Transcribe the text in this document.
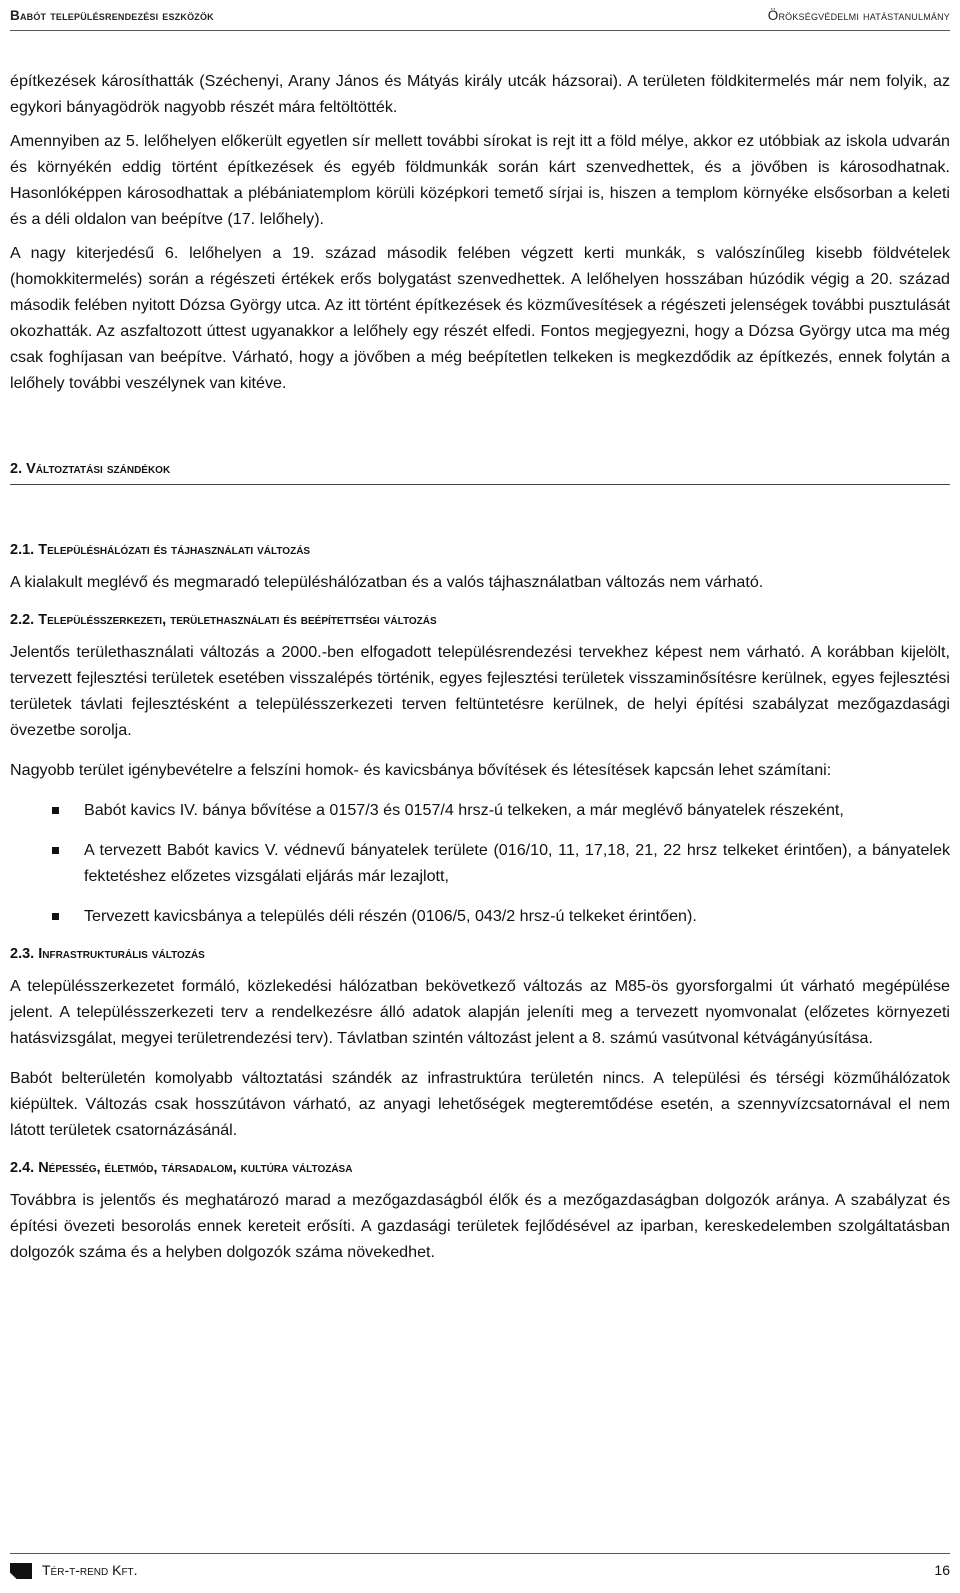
Babót településrendezési eszközök	Örökségvédelmi hatástanulmány

építkezések károsíthatták (Széchenyi, Arany János és Mátyás király utcák házsorai). A területen földkitermelés már nem folyik, az egykori bányagödrök nagyobb részét mára feltöltötték.

Amennyiben az 5. lelőhelyen előkerült egyetlen sír mellett további sírokat is rejt itt a föld mélye, akkor ez utóbbiak az iskola udvarán és környékén eddig történt építkezések és egyéb földmunkák során kárt szenvedhettek, és a jövőben is károsodhatnak. Hasonlóképpen károsodhattak a plébániatemplom körüli középkori temető sírjai is, hiszen a templom környéke elsősorban a keleti és a déli oldalon van beépítve (17. lelőhely).

A nagy kiterjedésű 6. lelőhelyen a 19. század második felében végzett kerti munkák, s valószínűleg kisebb földvételek (homokkitermelés) során a régészeti értékek erős bolygatást szenvedhettek. A lelőhelyen hosszában húzódik végig a 20. század második felében nyitott Dózsa György utca. Az itt történt építkezések és közművesítések a régészeti jelenségek további pusztulását okozhatták. Az aszfaltozott úttest ugyanakkor a lelőhely egy részét elfedi. Fontos megjegyezni, hogy a Dózsa György utca ma még csak foghíjasan van beépítve. Várható, hogy a jövőben a még beépítetlen telkeken is megkezdődik az építkezés, ennek folytán a lelőhely további veszélynek van kitéve.

2. Változtatási szándékok
2.1. Településhálózati és tájhasználati változás

A kialakult meglévő és megmaradó településhálózatban és a valós tájhasználatban változás nem várható.

2.2. Településszerkezeti, területhasználati és beépítettségi változás

Jelentős területhasználati változás a 2000.-ben elfogadott településrendezési tervekhez képest nem várható. A korábban kijelölt, tervezett fejlesztési területek esetében visszalépés történik, egyes fejlesztési területek visszaminősítésre kerülnek, egyes fejlesztési területek távlati fejlesztésként a településszerkezeti terven feltüntetésre kerülnek, de helyi építési szabályzat mezőgazdasági övezetbe sorolja.

Nagyobb terület igénybevételre a felszíni homok- és kavicsbánya bővítések és létesítések kapcsán lehet számítani:

Babót kavics IV. bánya bővítése a 0157/3 és 0157/4 hrsz-ú telkeken, a már meglévő bányatelek részeként,
A tervezett Babót kavics V. védnevű bányatelek területe (016/10, 11, 17,18, 21, 22 hrsz telkeket érintően), a bányatelek fektetéshez előzetes vizsgálati eljárás már lezajlott,
Tervezett kavicsbánya a település déli részén (0106/5, 043/2 hrsz-ú telkeket érintően).
2.3. Infrastrukturális változás

A településszerkezetet formáló, közlekedési hálózatban bekövetkező változás az M85-ös gyorsforgalmi út várható megépülése jelent. A településszerkezeti terv a rendelkezésre álló adatok alapján jeleníti meg a tervezett nyomvonalat (előzetes környezeti hatásvizsgálat, megyei területrendezési terv). Távlatban szintén változást jelent a 8. számú vasútvonal kétvágányúsítása.

Babót belterületén komolyabb változtatási szándék az infrastruktúra területén nincs. A települési és térségi közműhálózatok kiépültek. Változás csak hosszútávon várható, az anyagi lehetőségek megteremtődése esetén, a szennyvízcsatornával el nem látott területek csatornázásánál.

2.4. Népesség, életmód, társadalom, kultúra változása

Továbbra is jelentős és meghatározó marad a mezőgazdaságból élők és a mezőgazdaságban dolgozók aránya. A szabályzat és építési övezeti besorolás ennek kereteit erősíti. A gazdasági területek fejlődésével az iparban, kereskedelemben szolgáltatásban dolgozók száma és a helyben dolgozók száma növekedhet.

Tér-t-rend Kft.	16
